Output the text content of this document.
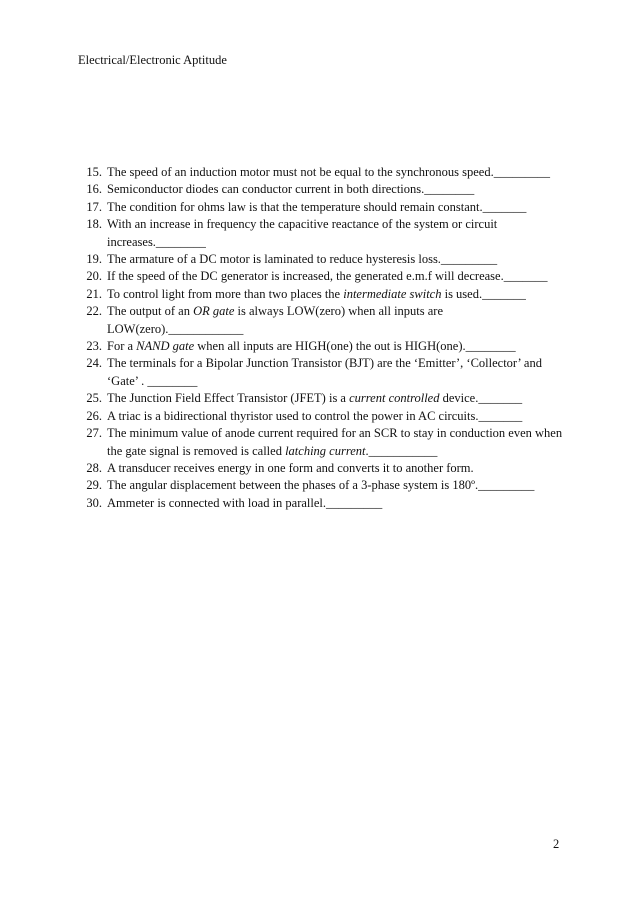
Electrical/Electronic Aptitude
15. The speed of an induction motor must not be equal to the synchronous speed._________
16. Semiconductor diodes can conductor current in both directions.________
17. The condition for ohms law is that the temperature should remain constant._______
18. With an increase in frequency the capacitive reactance of the system or circuit increases.________
19. The armature of a DC motor is laminated to reduce hysteresis loss._________
20. If the speed of the DC generator is increased, the generated e.m.f will decrease._______
21. To control light from more than two places the intermediate switch is used._______
22. The output of an OR gate is always LOW(zero) when all inputs are LOW(zero).____________
23. For a NAND gate when all inputs are HIGH(one) the out is HIGH(one).________
24. The terminals for a Bipolar Junction Transistor (BJT) are the ‘Emitter’, ‘Collector’ and ‘Gate’ . ________
25. The Junction Field Effect Transistor (JFET) is a current controlled device._______
26. A triac is a bidirectional thyristor used to control the power in AC circuits._______
27. The minimum value of anode current required for an SCR to stay in conduction even when the gate signal is removed is called latching current.___________
28. A transducer receives energy in one form and converts it to another form.
29. The angular displacement between the phases of a 3-phase system is 180º._________
30. Ammeter is connected with load in parallel._________
2
